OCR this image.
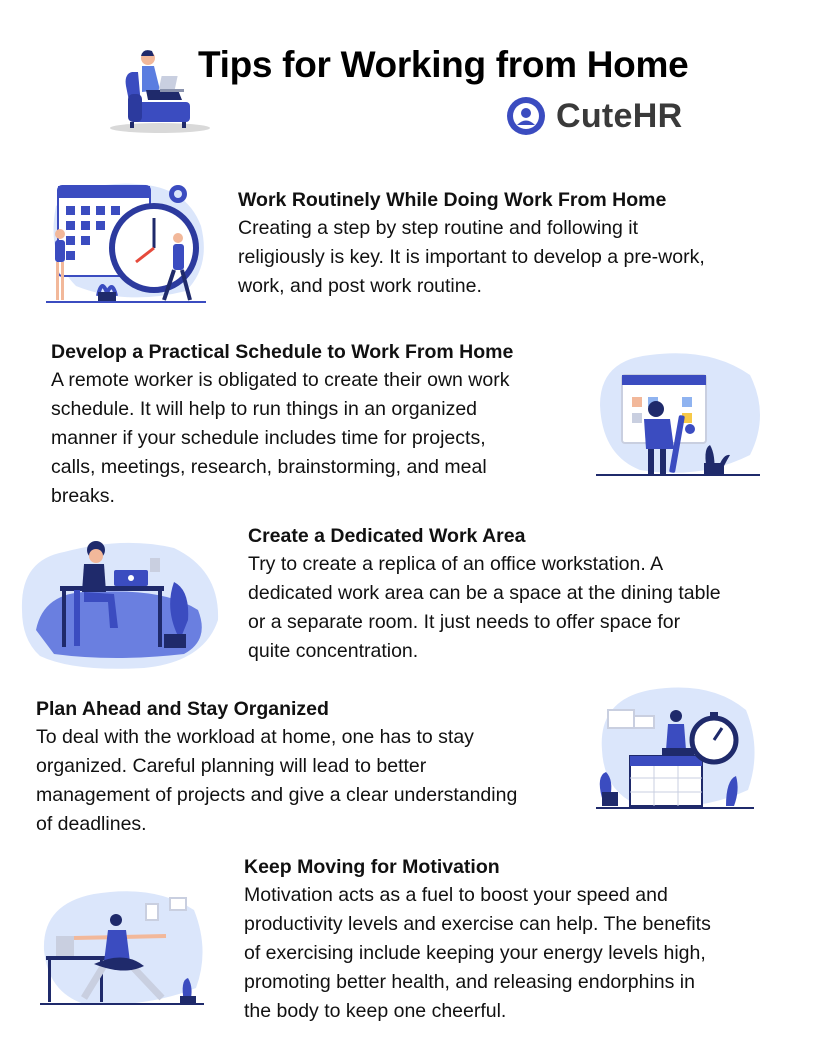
Tips for Working from Home
CuteHR
Work Routinely While Doing Work From Home

Creating a step by step routine and following it

religiously is key. It is important to develop a pre-work,

work, and post work routine.

Develop a Practical Schedule to Work From Home

A remote worker is obligated to create their own work

schedule. It will help to run things in an organized

manner if your schedule includes time for projects,

calls, meetings, research, brainstorming, and meal

breaks.

Create a Dedicated Work Area

Try to create a replica of an office workstation. A

dedicated work area can be a space at the dining table

or a separate room. It just needs to offer space for

quite concentration.

Plan Ahead and Stay Organized

To deal with the workload at home, one has to stay

organized. Careful planning will lead to better

management of projects and give a clear understanding

of deadlines.

Keep Moving for Motivation

Motivation acts as a fuel to boost your speed and

productivity levels and exercise can help. The benefits

of exercising include keeping your energy levels high,

promoting better health, and releasing endorphins in

the body to keep one cheerful.
